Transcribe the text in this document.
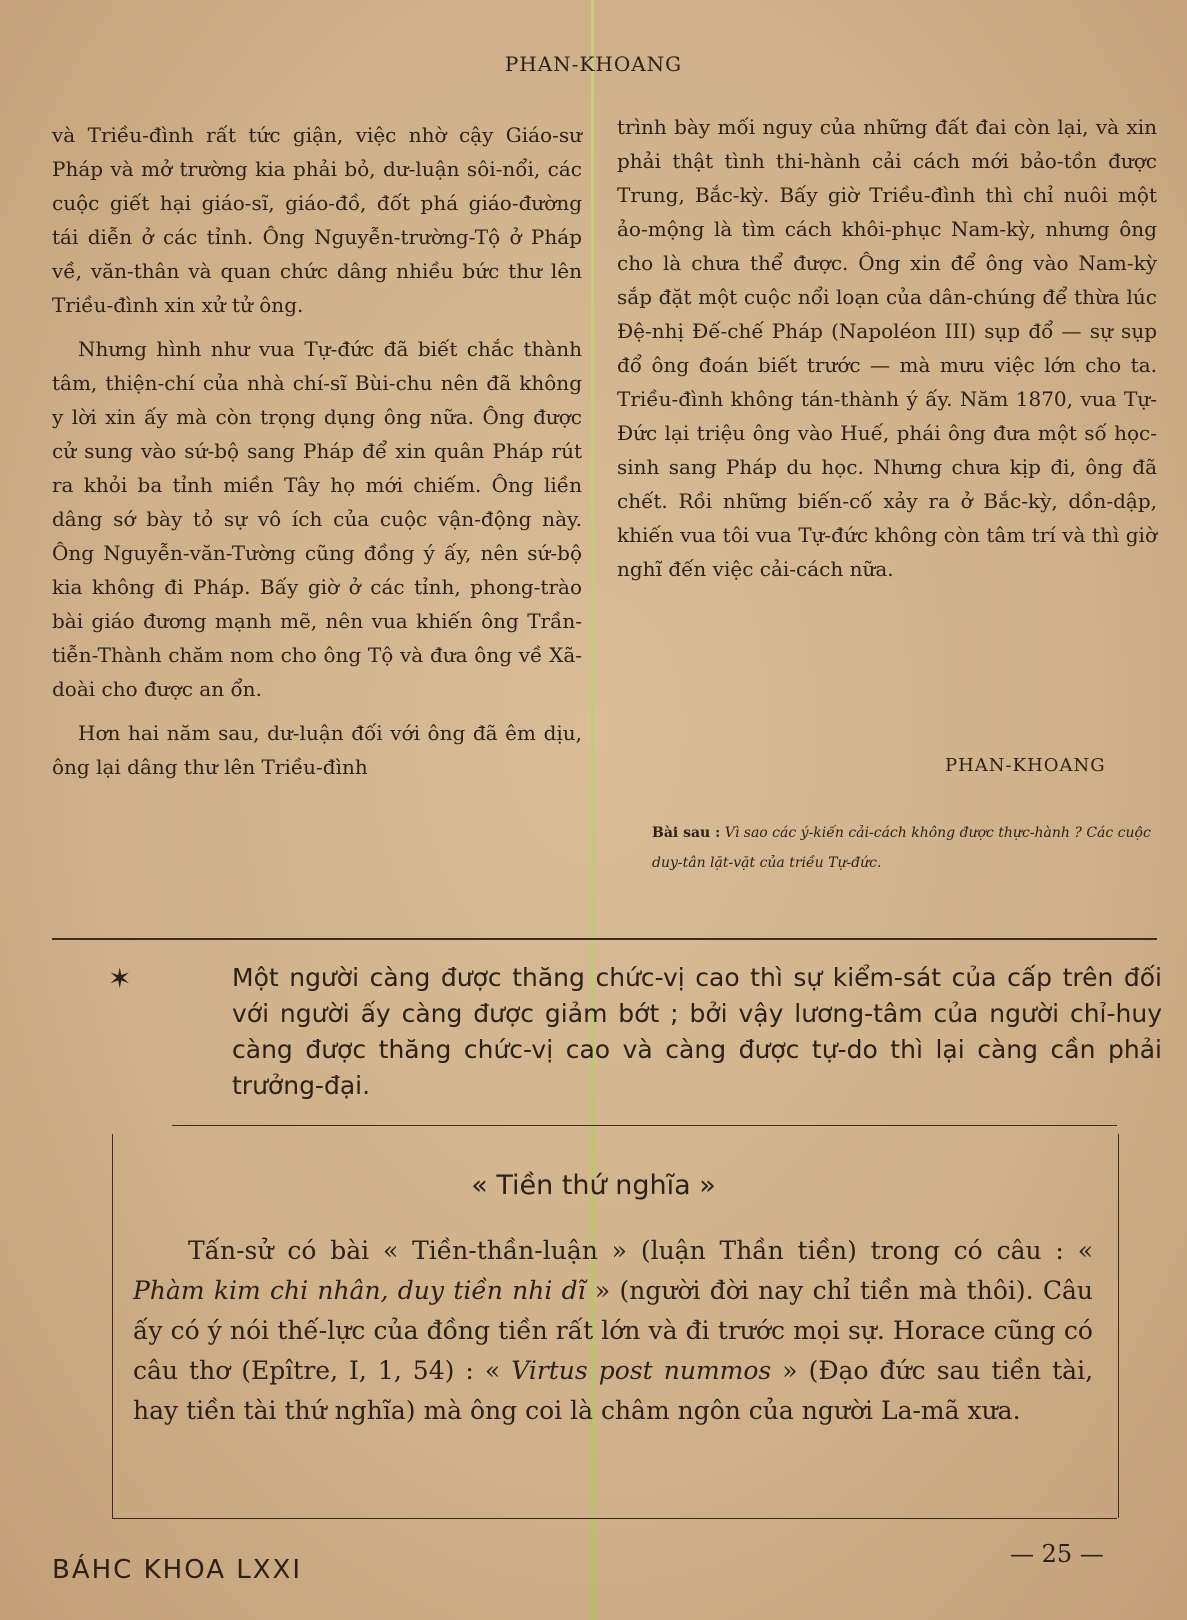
PHAN-KHOANG

và Triều-đình rất tức giận, việc nhờ cậy Giáo-sư Pháp và mở trường kia phải bỏ, dư-luận sôi-nổi, các cuộc giết hại giáo-sĩ, giáo-đồ, đốt phá giáo-đường tái diễn ở các tỉnh. Ông Nguyễn-trường-Tộ ở Pháp về, văn-thân và quan chức dâng nhiều bức thư lên Triều-đình xin xử tử ông.

Nhưng hình như vua Tự-đức đã biết chắc thành tâm, thiện-chí của nhà chí-sĩ Bùi-chu nên đã không y lời xin ấy mà còn trọng dụng ông nữa. Ông được cử sung vào sứ-bộ sang Pháp để xin quân Pháp rút ra khỏi ba tỉnh miền Tây họ mới chiếm. Ông liền dâng sớ bày tỏ sự vô ích của cuộc vận-động này. Ông Nguyễn-văn-Tường cũng đồng ý ấy, nên sứ-bộ kia không đi Pháp. Bấy giờ ở các tỉnh, phong-trào bài giáo đương mạnh mẽ, nên vua khiến ông Trần-tiễn-Thành chăm nom cho ông Tộ và đưa ông về Xã-doài cho được an ổn.

Hơn hai năm sau, dư-luận đối với ông đã êm dịu, ông lại dâng thư lên Triều-đình

trình bày mối nguy của những đất đai còn lại, và xin phải thật tình thi-hành cải cách mới bảo-tồn được Trung, Bắc-kỳ. Bấy giờ Triều-đình thì chỉ nuôi một ảo-mộng là tìm cách khôi-phục Nam-kỳ, nhưng ông cho là chưa thể được. Ông xin để ông vào Nam-kỳ sắp đặt một cuộc nổi loạn của dân-chúng để thừa lúc Đệ-nhị Đế-chế Pháp (Napoléon III) sụp đổ — sự sụp đổ ông đoán biết trước — mà mưu việc lớn cho ta. Triều-đình không tán-thành ý ấy. Năm 1870, vua Tự-Đức lại triệu ông vào Huế, phái ông đưa một số học-sinh sang Pháp du học. Nhưng chưa kịp đi, ông đã chết. Rồi những biến-cố xảy ra ở Bắc-kỳ, dồn-dập, khiến vua tôi vua Tự-đức không còn tâm trí và thì giờ nghĩ đến việc cải-cách nữa.

PHAN-KHOANG
Bài sau : Vì sao các ý-kiến cải-cách không được thực-hành ? Các cuộc duy-tân lặt-vặt của triều Tự-đức.
✶	Một người càng được thăng chức-vị cao thì sự kiểm-sát của cấp trên đối với người ấy càng được giảm bớt ; bởi vậy lương-tâm của người chỉ-huy càng được thăng chức-vị cao và càng được tự-do thì lại càng cần phải trưởng-đại.
« Tiền thứ nghĩa »
Tấn-sử có bài « Tiền-thần-luận » (luận Thần tiền) trong có câu : « Phàm kim chi nhân, duy tiền nhi dĩ » (người đời nay chỉ tiền mà thôi). Câu ấy có ý nói thế-lực của đồng tiền rất lớn và đi trước mọi sự. Horace cũng có câu thơ (Epître, I, 1, 54) : « Virtus post nummos » (Đạo đức sau tiền tài, hay tiền tài thứ nghĩa) mà ông coi là châm ngôn của người La-mã xưa.
BÁHC KHOA LXXI
— 25 —
